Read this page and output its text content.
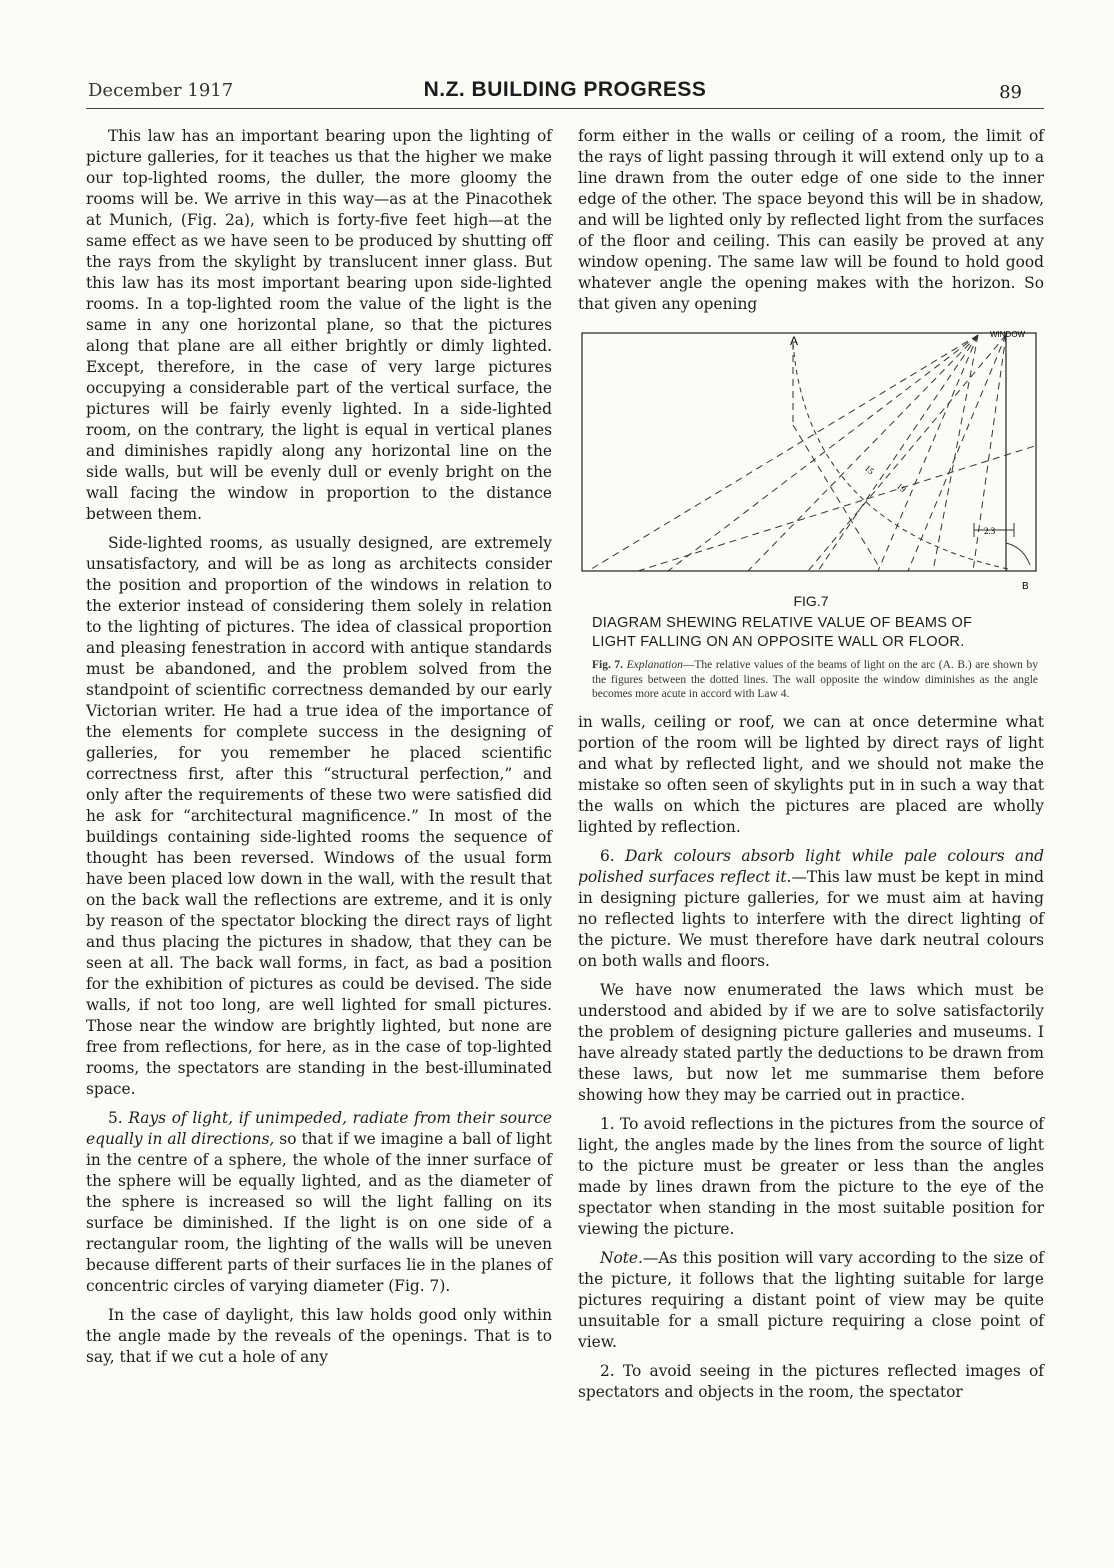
December 1917	N.Z. BUILDING PROGRESS	89

This law has an important bearing upon the lighting of picture galleries, for it teaches us that the higher we make our top-lighted rooms, the duller, the more gloomy the rooms will be. We arrive in this way—as at the Pinacothek at Munich, (Fig. 2a), which is forty-five feet high—at the same effect as we have seen to be produced by shutting off the rays from the skylight by translucent inner glass. But this law has its most important bearing upon side-lighted rooms. In a top-lighted room the value of the light is the same in any one horizontal plane, so that the pictures along that plane are all either brightly or dimly lighted. Except, therefore, in the case of very large pictures occupying a considerable part of the vertical surface, the pictures will be fairly evenly lighted. In a side-lighted room, on the contrary, the light is equal in vertical planes and diminishes rapidly along any horizontal line on the side walls, but will be evenly dull or evenly bright on the wall facing the window in proportion to the distance between them.

Side-lighted rooms, as usually designed, are extremely unsatisfactory, and will be as long as architects consider the position and proportion of the windows in relation to the exterior instead of considering them solely in relation to the lighting of pictures. The idea of classical proportion and pleasing fenestration in accord with antique standards must be abandoned, and the problem solved from the standpoint of scientific correctness demanded by our early Victorian writer. He had a true idea of the importance of the elements for complete success in the designing of galleries, for you remember he placed scientific correctness first, after this “structural perfection,” and only after the requirements of these two were satisfied did he ask for “architectural magnificence.” In most of the buildings containing side-lighted rooms the sequence of thought has been reversed. Windows of the usual form have been placed low down in the wall, with the result that on the back wall the reflections are extreme, and it is only by reason of the spectator blocking the direct rays of light and thus placing the pictures in shadow, that they can be seen at all. The back wall forms, in fact, as bad a position for the exhibition of pictures as could be devised. The side walls, if not too long, are well lighted for small pictures. Those near the window are brightly lighted, but none are free from reflections, for here, as in the case of top-lighted rooms, the spectators are standing in the best-illuminated space.

5. Rays of light, if unimpeded, radiate from their source equally in all directions, so that if we imagine a ball of light in the centre of a sphere, the whole of the inner surface of the sphere will be equally lighted, and as the diameter of the sphere is increased so will the light falling on its surface be diminished. If the light is on one side of a rectangular room, the lighting of the walls will be uneven because different parts of their surfaces lie in the planes of concentric circles of varying diameter (Fig. 7).

In the case of daylight, this law holds good only within the angle made by the reveals of the openings. That is to say, that if we cut a hole of any

form either in the walls or ceiling of a room, the limit of the rays of light passing through it will extend only up to a line drawn from the outer edge of one side to the inner edge of the other. The space beyond this will be in shadow, and will be lighted only by reflected light from the surfaces of the floor and ceiling. This can easily be proved at any window opening. The same law will be found to hold good whatever angle the opening makes with the horizon. So that given any opening

WINDOW
A
B
15
19
2.3
FIG.7
DIAGRAM SHEWING RELATIVE VALUE OF BEAMS OF
LIGHT FALLING ON AN OPPOSITE WALL OR FLOOR.
Fig. 7. Explanation—The relative values of the beams of light on the arc (A. B.) are shown by the figures between the dotted lines. The wall opposite the window diminishes as the angle becomes more acute in accord with Law 4.

in walls, ceiling or roof, we can at once determine what portion of the room will be lighted by direct rays of light and what by reflected light, and we should not make the mistake so often seen of skylights put in in such a way that the walls on which the pictures are placed are wholly lighted by reflection.

6. Dark colours absorb light while pale colours and polished surfaces reflect it.—This law must be kept in mind in designing picture galleries, for we must aim at having no reflected lights to interfere with the direct lighting of the picture. We must therefore have dark neutral colours on both walls and floors.

We have now enumerated the laws which must be understood and abided by if we are to solve satisfactorily the problem of designing picture galleries and museums. I have already stated partly the deductions to be drawn from these laws, but now let me summarise them before showing how they may be carried out in practice.

1. To avoid reflections in the pictures from the source of light, the angles made by the lines from the source of light to the picture must be greater or less than the angles made by lines drawn from the picture to the eye of the spectator when standing in the most suitable position for viewing the picture.

Note.—As this position will vary according to the size of the picture, it follows that the lighting suitable for large pictures requiring a distant point of view may be quite unsuitable for a small picture requiring a close point of view.

2. To avoid seeing in the pictures reflected images of spectators and objects in the room, the spectator
